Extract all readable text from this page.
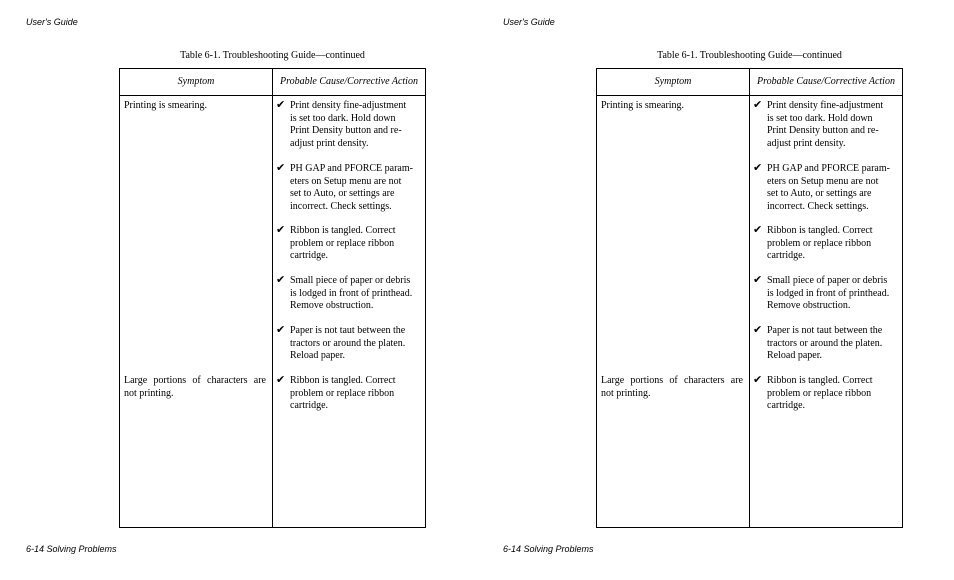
User's Guide
Table 6-1. Troubleshooting Guide—continued
Symptom	Probable Cause/Corrective Action
Printing is smearing.
Large portions of characters are not printing.
✔ Print density fine-adjustment
is set too dark. Hold down
Print Density button and re-
adjust print density.
✔ PH GAP and PFORCE param-
eters on Setup menu are not
set to Auto, or settings are
incorrect. Check settings.
✔ Ribbon is tangled. Correct
problem or replace ribbon
cartridge.
✔ Small piece of paper or debris
is lodged in front of printhead.
Remove obstruction.
✔ Paper is not taut between the
tractors or around the platen.
Reload paper.
✔ Ribbon is tangled. Correct
problem or replace ribbon
cartridge.
6-14 Solving Problems
User's Guide
Table 6-1. Troubleshooting Guide—continued
Symptom	Probable Cause/Corrective Action
Printing is smearing.
Large portions of characters are not printing.
✔ Print density fine-adjustment
is set too dark. Hold down
Print Density button and re-
adjust print density.
✔ PH GAP and PFORCE param-
eters on Setup menu are not
set to Auto, or settings are
incorrect. Check settings.
✔ Ribbon is tangled. Correct
problem or replace ribbon
cartridge.
✔ Small piece of paper or debris
is lodged in front of printhead.
Remove obstruction.
✔ Paper is not taut between the
tractors or around the platen.
Reload paper.
✔ Ribbon is tangled. Correct
problem or replace ribbon
cartridge.
6-14 Solving Problems
